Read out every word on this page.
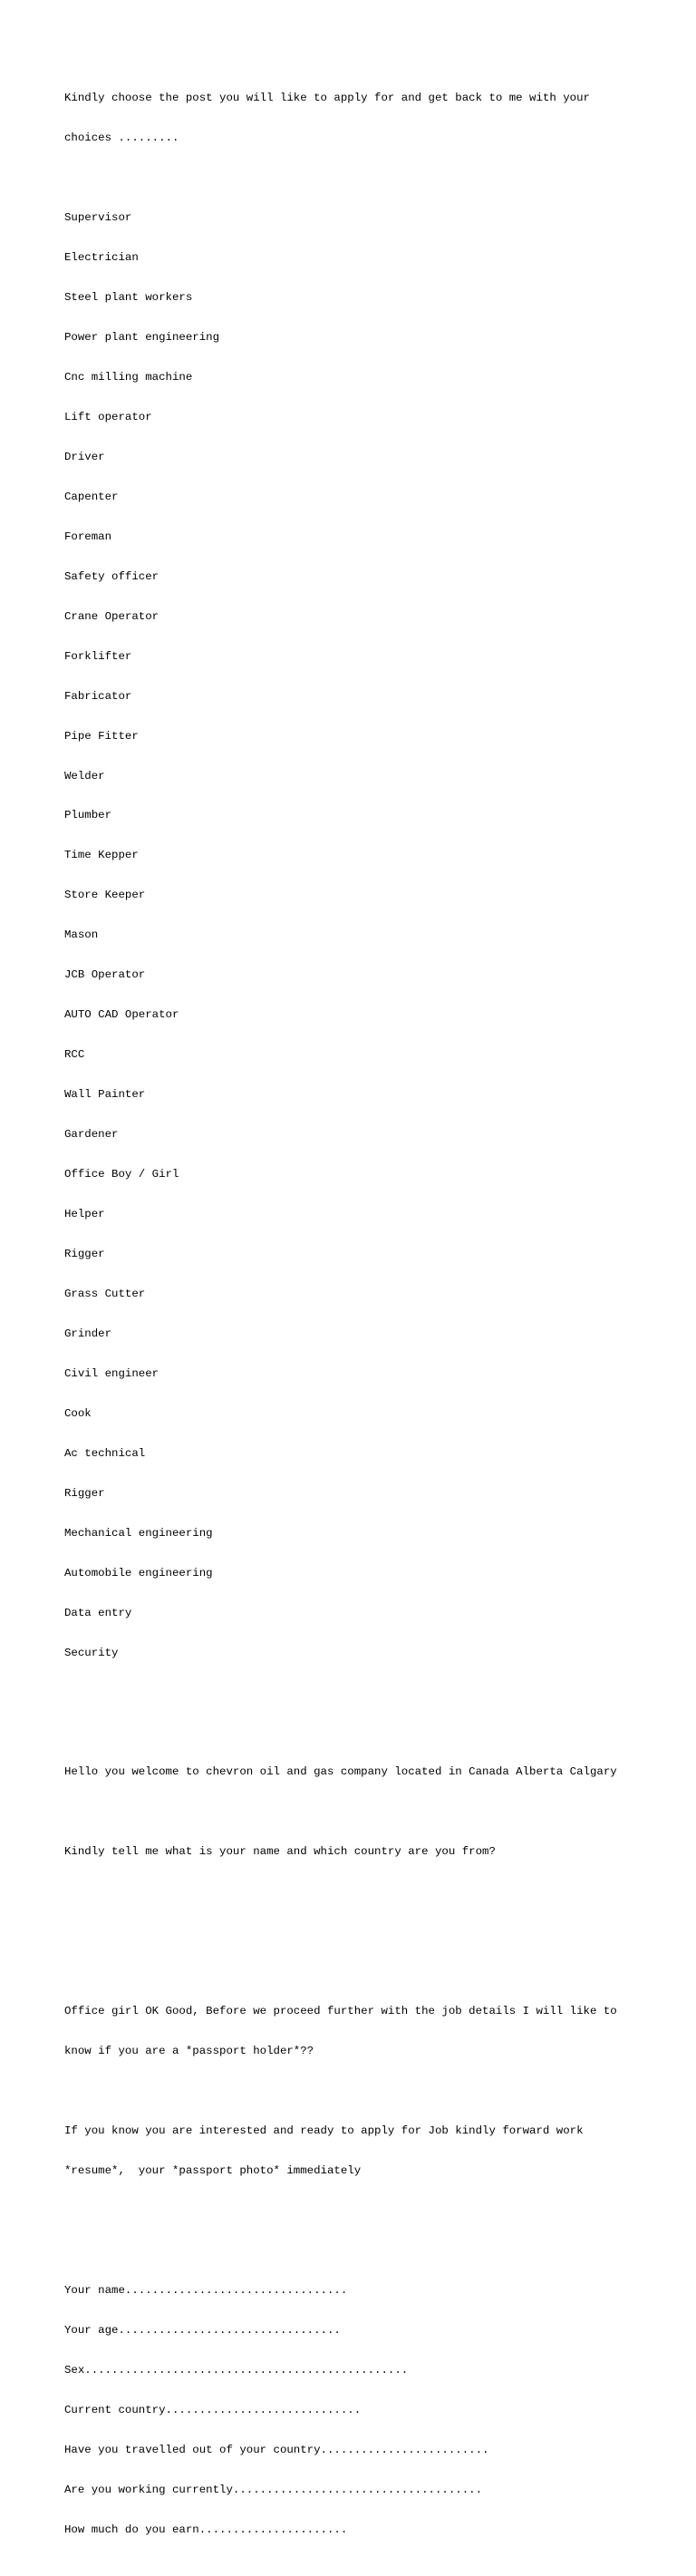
Kindly choose the post you will like to apply for and get back to me with your

choices .........

Supervisor

Electrician

Steel plant workers

Power plant engineering

Cnc milling machine

Lift operator

Driver

Capenter

Foreman

Safety officer

Crane Operator

Forklifter

Fabricator

Pipe Fitter

Welder

Plumber

Time Kepper

Store Keeper

Mason

JCB Operator

AUTO CAD Operator

RCC

Wall Painter

Gardener

Office Boy / Girl

Helper

Rigger

Grass Cutter

Grinder

Civil engineer

Cook

Ac technical

Rigger

Mechanical engineering

Automobile engineering

Data entry

Security

Hello you welcome to chevron oil and gas company located in Canada Alberta Calgary

Kindly tell me what is your name and which country are you from?

Office girl OK Good, Before we proceed further with the job details I will like to

know if you are a *passport holder*??

If you know you are interested and ready to apply for Job kindly forward work

*resume*,  your *passport photo* immediately

Your name.................................

Your age.................................

Sex................................................

Current country.............................

Have you travelled out of your country.........................

Are you working currently.....................................

How much do you earn......................
